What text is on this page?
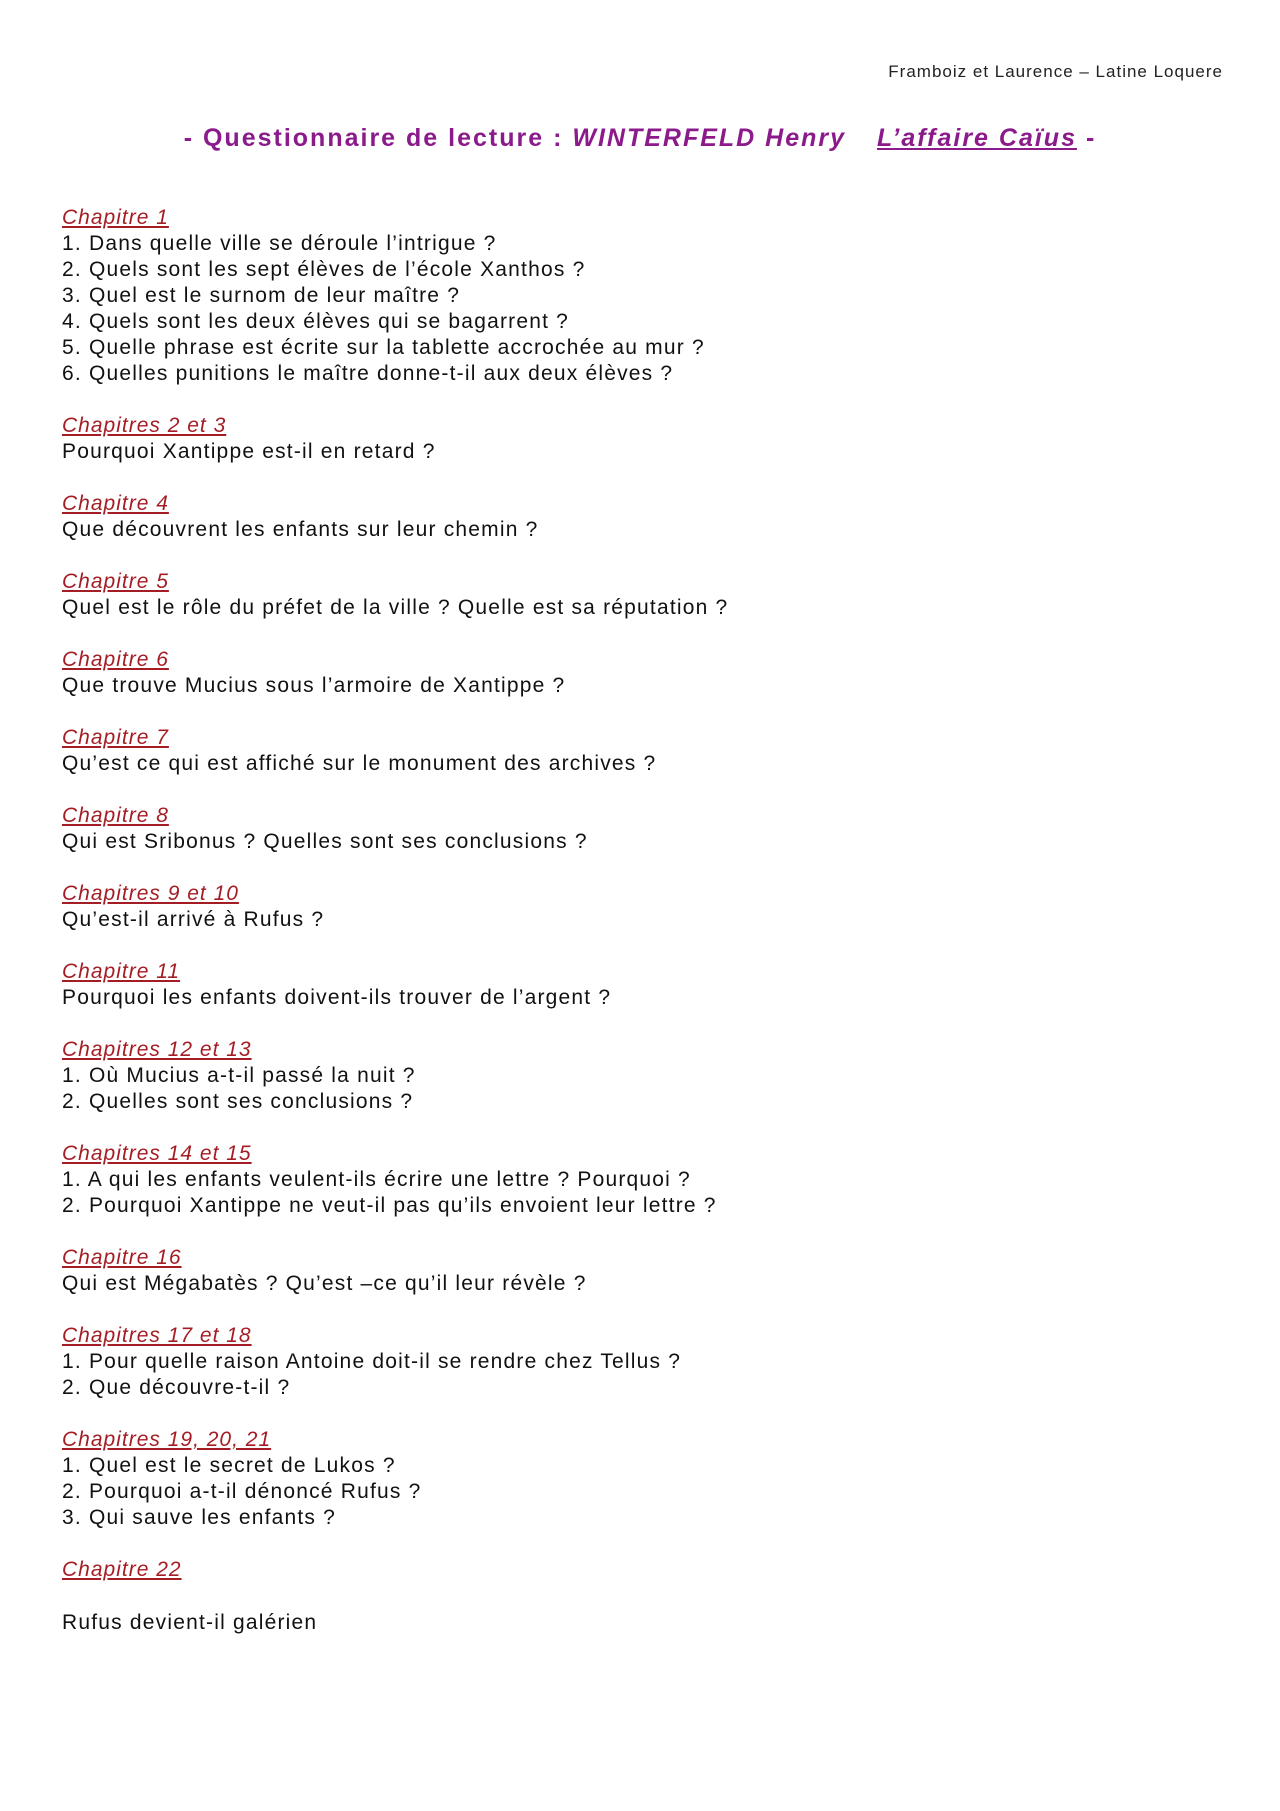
Framboiz et Laurence – Latine Loquere
- Questionnaire de lecture : WINTERFELD Henry L’affaire Caïus -
Chapitre 1
1. Dans quelle ville se déroule l’intrigue ?
2. Quels sont les sept élèves de l’école Xanthos ?
3. Quel est le surnom de leur maître ?
4. Quels sont les deux élèves qui se bagarrent ?
5. Quelle phrase est écrite sur la tablette accrochée au mur ?
6. Quelles punitions le maître donne-t-il aux deux élèves ?
Chapitres 2 et 3
Pourquoi Xantippe est-il en retard ?
Chapitre 4
Que découvrent les enfants sur leur chemin ?
Chapitre 5
Quel est le rôle du préfet de la ville ? Quelle est sa réputation ?
Chapitre 6
Que trouve Mucius sous l’armoire de Xantippe ?
Chapitre 7
Qu’est ce qui est affiché sur le monument des archives ?
Chapitre 8
Qui est Sribonus ? Quelles sont ses conclusions ?
Chapitres 9 et 10
Qu’est-il arrivé à Rufus ?
Chapitre 11
Pourquoi les enfants doivent-ils trouver de l’argent ?
Chapitres 12 et 13
1. Où Mucius a-t-il passé la nuit ?
2. Quelles sont ses conclusions ?
Chapitres 14 et 15
1. A qui les enfants veulent-ils écrire une lettre ? Pourquoi ?
2. Pourquoi Xantippe ne veut-il pas qu’ils envoient leur lettre ?
Chapitre 16
Qui est Mégabatès ? Qu’est –ce qu’il leur révèle ?
Chapitres 17 et 18
1. Pour quelle raison Antoine doit-il se rendre chez Tellus ?
2. Que découvre-t-il ?
Chapitres 19, 20, 21
1. Quel est le secret de Lukos ?
2. Pourquoi a-t-il dénoncé Rufus ?
3. Qui sauve les enfants ?
Chapitre 22
Rufus devient-il galérien
